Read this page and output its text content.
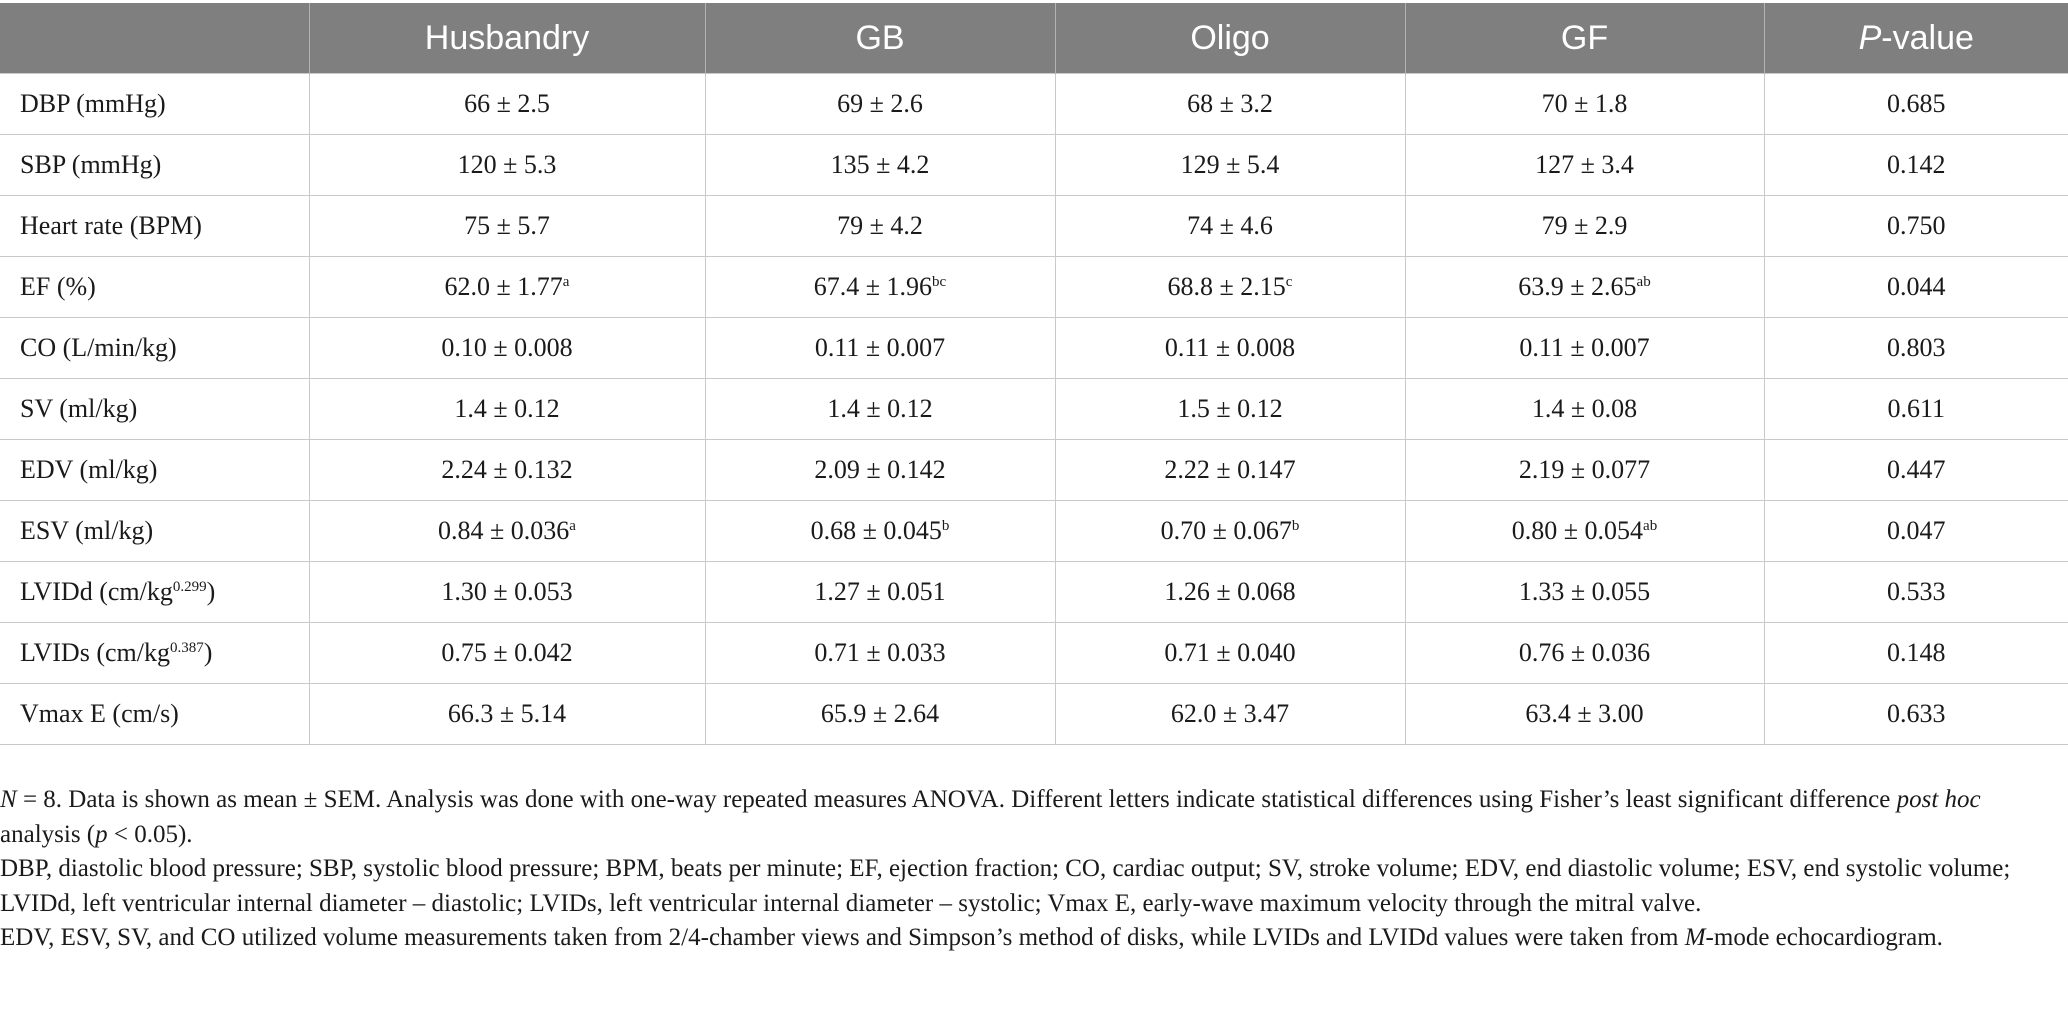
	Husbandry	GB	Oligo	GF	P-value
DBP (mmHg)	66 ± 2.5	69 ± 2.6	68 ± 3.2	70 ± 1.8	0.685
SBP (mmHg)	120 ± 5.3	135 ± 4.2	129 ± 5.4	127 ± 3.4	0.142
Heart rate (BPM)	75 ± 5.7	79 ± 4.2	74 ± 4.6	79 ± 2.9	0.750
EF (%)	62.0 ± 1.77$^a$	67.4 ± 1.96$^{bc}$	68.8 ± 2.15$^c$	63.9 ± 2.65$^{ab}$	0.044
CO (L/min/kg)	0.10 ± 0.008	0.11 ± 0.007	0.11 ± 0.008	0.11 ± 0.007	0.803
SV (ml/kg)	1.4 ± 0.12	1.4 ± 0.12	1.5 ± 0.12	1.4 ± 0.08	0.611
EDV (ml/kg)	2.24 ± 0.132	2.09 ± 0.142	2.22 ± 0.147	2.19 ± 0.077	0.447
ESV (ml/kg)	0.84 ± 0.036$^a$	0.68 ± 0.045$^b$	0.70 ± 0.067$^b$	0.80 ± 0.054$^{ab}$	0.047
LVIDd $(cm/kg^{0.299})$	1.30 ± 0.053	1.27 ± 0.051	1.26 ± 0.068	1.33 ± 0.055	0.533
LVIDs $(cm/kg^{0.387})$	0.75 ± 0.042	0.71 ± 0.033	0.71 ± 0.040	0.76 ± 0.036	0.148
Vmax E (cm/s)	66.3 ± 5.14	65.9 ± 2.64	62.0 ± 3.47	63.4 ± 3.00	0.633

N = 8. Data is shown as mean ± SEM. Analysis was done with one-way repeated measures ANOVA. Different letters indicate statistical differences using Fisher’s least significant difference post hoc analysis (p < 0.05).

DBP, diastolic blood pressure; SBP, systolic blood pressure; BPM, beats per minute; EF, ejection fraction; CO, cardiac output; SV, stroke volume; EDV, end diastolic volume; ESV, end systolic volume; LVIDd, left ventricular internal diameter – diastolic; LVIDs, left ventricular internal diameter – systolic; Vmax E, early-wave maximum velocity through the mitral valve.

EDV, ESV, SV, and CO utilized volume measurements taken from 2/4-chamber views and Simpson’s method of disks, while LVIDs and LVIDd values were taken from M-mode echocardiogram.
